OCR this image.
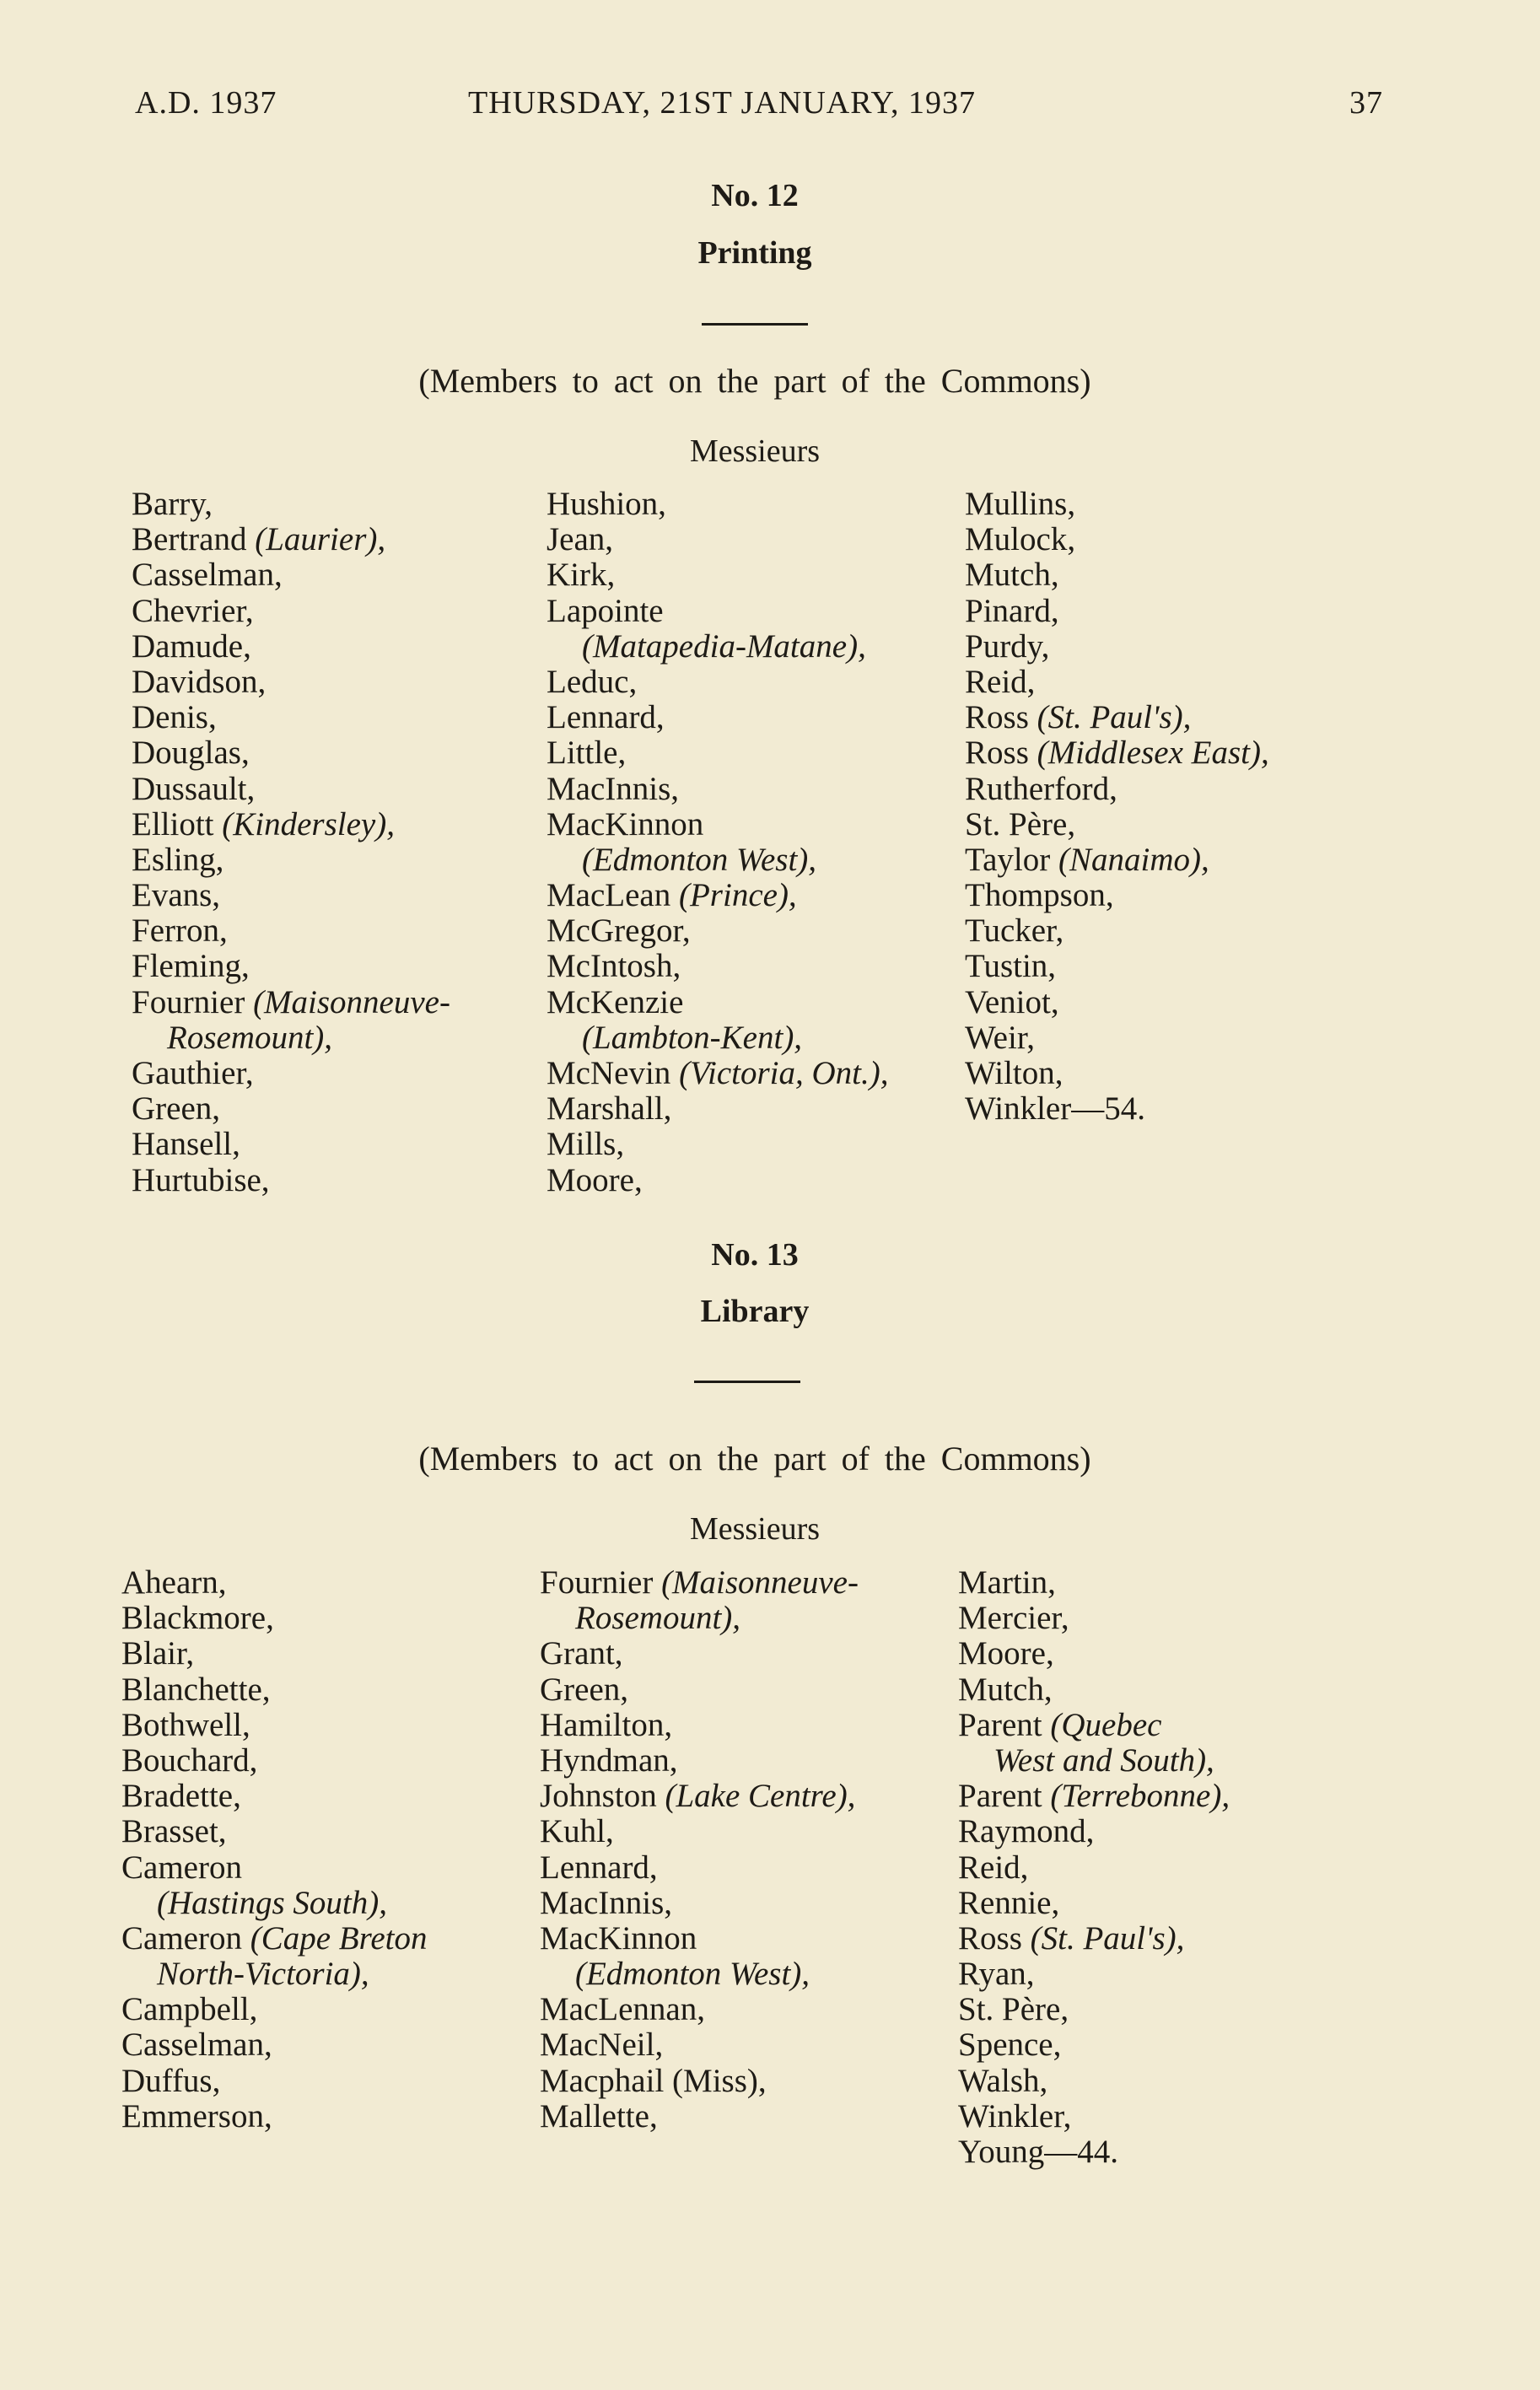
A.D. 1937	THURSDAY, 21ST JANUARY, 1937	37
No. 12
Printing
(Members to act on the part of the Commons)
Messieurs
Barry,
Bertrand (Laurier),
Casselman,
Chevrier,
Damude,
Davidson,
Denis,
Douglas,
Dussault,
Elliott (Kindersley),
Esling,
Evans,
Ferron,
Fleming,
Fournier (Maisonneuve-
Rosemount),
Gauthier,
Green,
Hansell,
Hurtubise,
Hushion,
Jean,
Kirk,
Lapointe
(Matapedia-Matane),
Leduc,
Lennard,
Little,
MacInnis,
MacKinnon
(Edmonton West),
MacLean (Prince),
McGregor,
McIntosh,
McKenzie
(Lambton-Kent),
McNevin (Victoria, Ont.),
Marshall,
Mills,
Moore,
Mullins,
Mulock,
Mutch,
Pinard,
Purdy,
Reid,
Ross (St. Paul's),
Ross (Middlesex East),
Rutherford,
St. Père,
Taylor (Nanaimo),
Thompson,
Tucker,
Tustin,
Veniot,
Weir,
Wilton,
Winkler—54.
No. 13
Library
(Members to act on the part of the Commons)
Messieurs
Ahearn,
Blackmore,
Blair,
Blanchette,
Bothwell,
Bouchard,
Bradette,
Brasset,
Cameron
(Hastings South),
Cameron (Cape Breton
North-Victoria),
Campbell,
Casselman,
Duffus,
Emmerson,
Fournier (Maisonneuve-
Rosemount),
Grant,
Green,
Hamilton,
Hyndman,
Johnston (Lake Centre),
Kuhl,
Lennard,
MacInnis,
MacKinnon
(Edmonton West),
MacLennan,
MacNeil,
Macphail (Miss),
Mallette,
Martin,
Mercier,
Moore,
Mutch,
Parent (Quebec
West and South),
Parent (Terrebonne),
Raymond,
Reid,
Rennie,
Ross (St. Paul's),
Ryan,
St. Père,
Spence,
Walsh,
Winkler,
Young—44.
